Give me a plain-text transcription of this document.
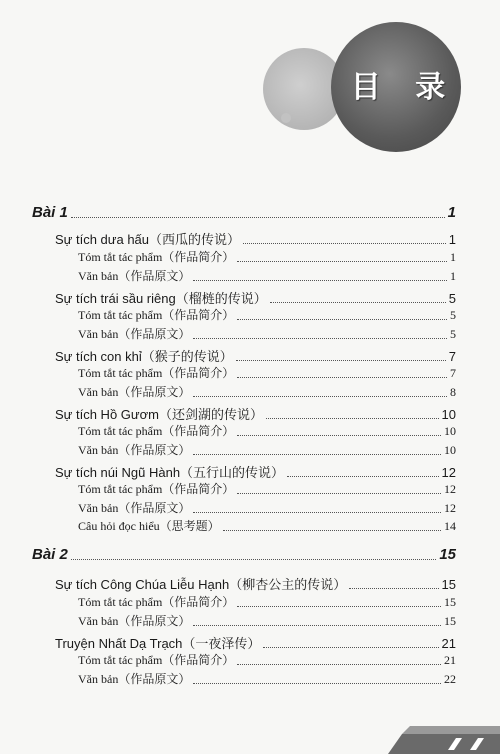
目 录
Bài 1	1
Sự tích dưa hấu（西瓜的传说）	1
Tóm tắt tác phẩm（作品简介）	1
Văn bản（作品原文）	1
Sự tích trái sầu riêng（榴梿的传说）	5
Tóm tắt tác phẩm（作品简介）	5
Văn bản（作品原文）	5
Sự tích con khỉ（猴子的传说）	7
Tóm tắt tác phẩm（作品简介）	7
Văn bản（作品原文）	8
Sự tích Hồ Gươm（还剑湖的传说）	10
Tóm tắt tác phẩm（作品简介）	10
Văn bản（作品原文）	10
Sự tích núi Ngũ Hành（五行山的传说）	12
Tóm tắt tác phẩm（作品简介）	12
Văn bản（作品原文）	12
Câu hỏi đọc hiểu（思考题）	14
Bài 2	15
Sự tích Công Chúa Liễu Hạnh（柳杏公主的传说）	15
Tóm tắt tác phẩm（作品简介）	15
Văn bản（作品原文）	15
Truyện Nhất Dạ Trạch（一夜泽传）	21
Tóm tắt tác phẩm（作品简介）	21
Văn bản（作品原文）	22
